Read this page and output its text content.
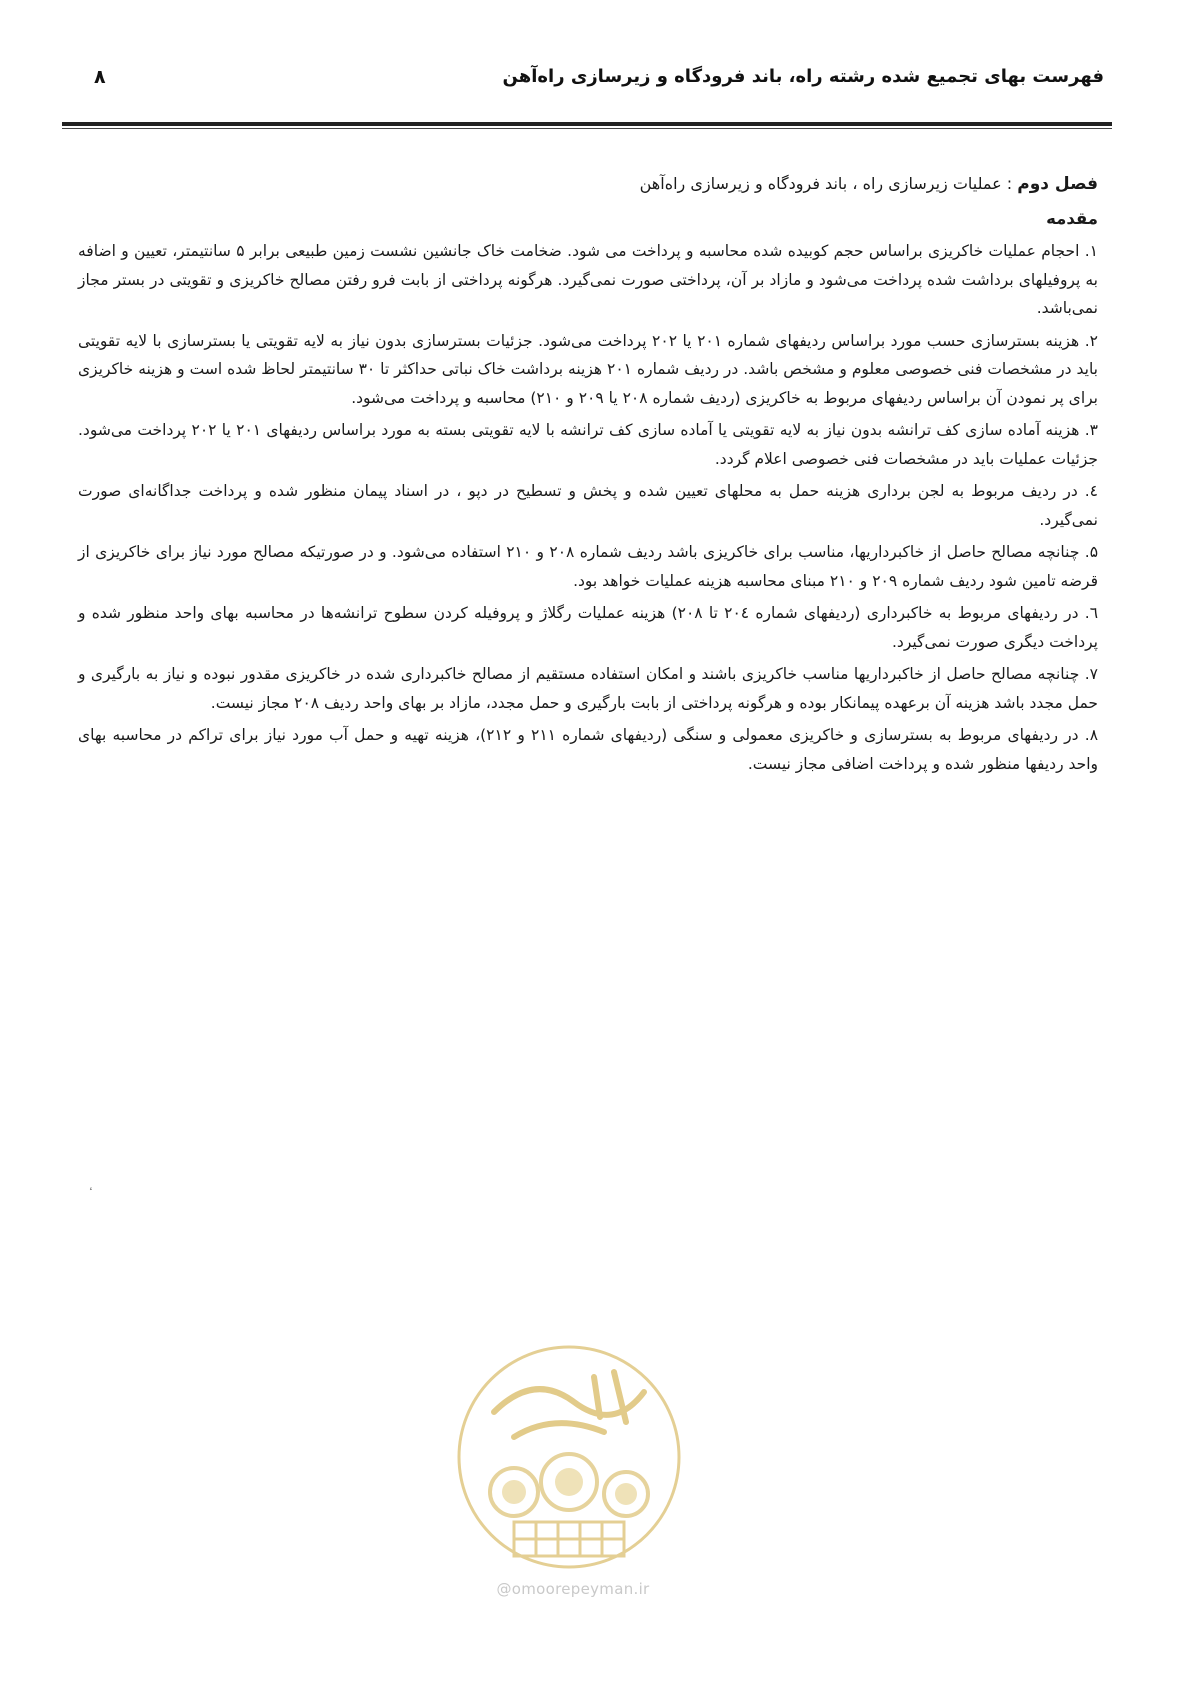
فهرست بهای تجمیع شده رشته راه، باند فرودگاه و زیرسازی راه‌آهن
۸

فصل دوم : عملیات زیرسازی راه ، باند فرودگاه و زیرسازی راه‌آهن

مقدمه

۱. احجام عملیات خاکریزی براساس حجم کوبیده شده محاسبه و پرداخت می شود. ضخامت خاک جانشین نشست زمین طبیعی برابر ۵ سانتیمتر، تعیین و اضافه به پروفیلهای برداشت شده پرداخت می‌شود و مازاد بر آن، پرداختی صورت نمی‌گیرد. هرگونه پرداختی از بابت فرو رفتن مصالح خاکریزی و تقویتی در بستر مجاز نمی‌باشد.

۲. هزینه بسترسازی حسب مورد براساس ردیفهای شماره ۲۰۱ یا ۲۰۲ پرداخت می‌شود. جزئیات بسترسازی بدون نیاز به لایه تقویتی یا بسترسازی با لایه تقویتی باید در مشخصات فنی خصوصی معلوم و مشخص باشد. در ردیف شماره ۲۰۱ هزینه برداشت خاک نباتی حداکثر تا ۳۰ سانتیمتر لحاظ شده است و هزینه خاکریزی برای پر نمودن آن براساس ردیفهای مربوط به خاکریزی (ردیف شماره ۲۰۸ یا ۲۰۹ و ۲۱۰) محاسبه و پرداخت می‌شود.

۳. هزینه آماده سازی کف ترانشه بدون نیاز به لایه تقویتی یا آماده سازی کف ترانشه با لایه تقویتی بسته به مورد براساس ردیفهای ۲۰۱ یا ۲۰۲ پرداخت می‌شود. جزئیات عملیات باید در مشخصات فنی خصوصی اعلام گردد.

٤. در ردیف مربوط به لجن برداری هزینه حمل به محلهای تعیین شده و پخش و تسطیح در دپو ، در اسناد پیمان منظور شده و پرداخت جداگانه‌ای صورت نمی‌گیرد.

۵. چنانچه مصالح حاصل از خاکبرداریها، مناسب برای خاکریزی باشد ردیف شماره ۲۰۸ و ۲۱۰ استفاده می‌شود. و در صورتیکه مصالح مورد نیاز برای خاکریزی از قرضه تامین شود ردیف شماره ۲۰۹ و ۲۱۰ مبنای محاسبه هزینه عملیات خواهد بود.

٦. در ردیفهای مربوط به خاکبرداری (ردیفهای شماره ۲۰٤ تا ۲۰۸) هزینه عملیات رگلاژ و پروفیله کردن سطوح ترانشه‌ها در محاسبه بهای واحد منظور شده و پرداخت دیگری صورت نمی‌گیرد.

۷. چنانچه مصالح حاصل از خاکبرداریها مناسب خاکریزی باشند و امکان استفاده مستقیم از مصالح خاکبرداری شده در خاکریزی مقدور نبوده و نیاز به بارگیری و حمل مجدد باشد هزینه آن برعهده پیمانکار بوده و هرگونه پرداختی از بابت بارگیری و حمل مجدد، مازاد بر بهای واحد ردیف ۲۰۸ مجاز نیست.

۸. در ردیفهای مربوط به بسترسازی و خاکریزی معمولی و سنگی (ردیفهای شماره ۲۱۱ و ۲۱۲)، هزینه تهیه و حمل آب مورد نیاز برای تراکم در محاسبه بهای واحد ردیفها منظور شده و پرداخت اضافی مجاز نیست.

@omoorepeyman.ir
